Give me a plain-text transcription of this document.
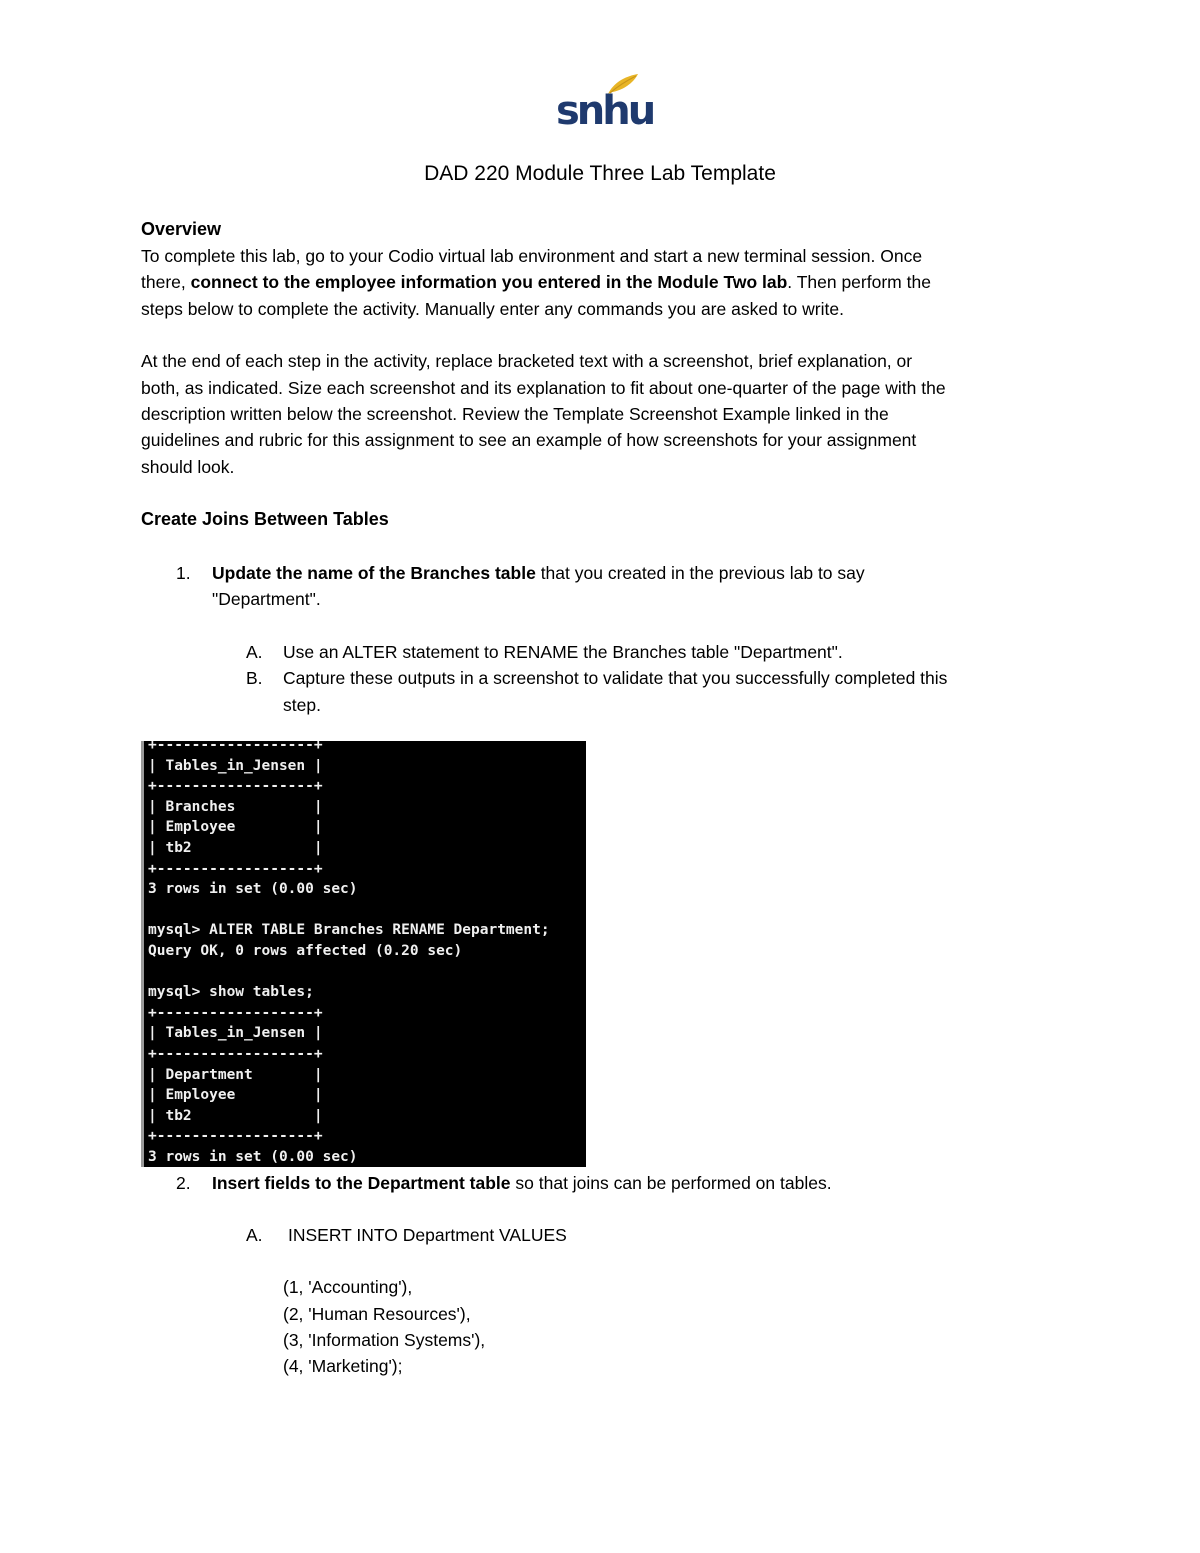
snhu
DAD 220 Module Three Lab Template
Overview
To complete this lab, go to your Codio virtual lab environment and start a new terminal session. Once
there, connect to the employee information you entered in the Module Two lab. Then perform the
steps below to complete the activity. Manually enter any commands you are asked to write.
At the end of each step in the activity, replace bracketed text with a screenshot, brief explanation, or
both, as indicated. Size each screenshot and its explanation to fit about one-quarter of the page with the
description written below the screenshot. Review the Template Screenshot Example linked in the
guidelines and rubric for this assignment to see an example of how screenshots for your assignment
should look.
Create Joins Between Tables
1. Update the name of the Branches table that you created in the previous lab to say
"Department".
A. Use an ALTER statement to RENAME the Branches table "Department".
B. Capture these outputs in a screenshot to validate that you successfully completed this
step.
+------------------+
| Tables_in_Jensen |
+------------------+
| Branches         |
| Employee         |
| tb2              |
+------------------+
3 rows in set (0.00 sec)

mysql> ALTER TABLE Branches RENAME Department;
Query OK, 0 rows affected (0.20 sec)

mysql> show tables;
+------------------+
| Tables_in_Jensen |
+------------------+
| Department       |
| Employee         |
| tb2              |
+------------------+
3 rows in set (0.00 sec)
2. Insert fields to the Department table so that joins can be performed on tables.
A. INSERT INTO Department VALUES
(1, 'Accounting'),
(2, 'Human Resources'),
(3, 'Information Systems'),
(4, 'Marketing');
